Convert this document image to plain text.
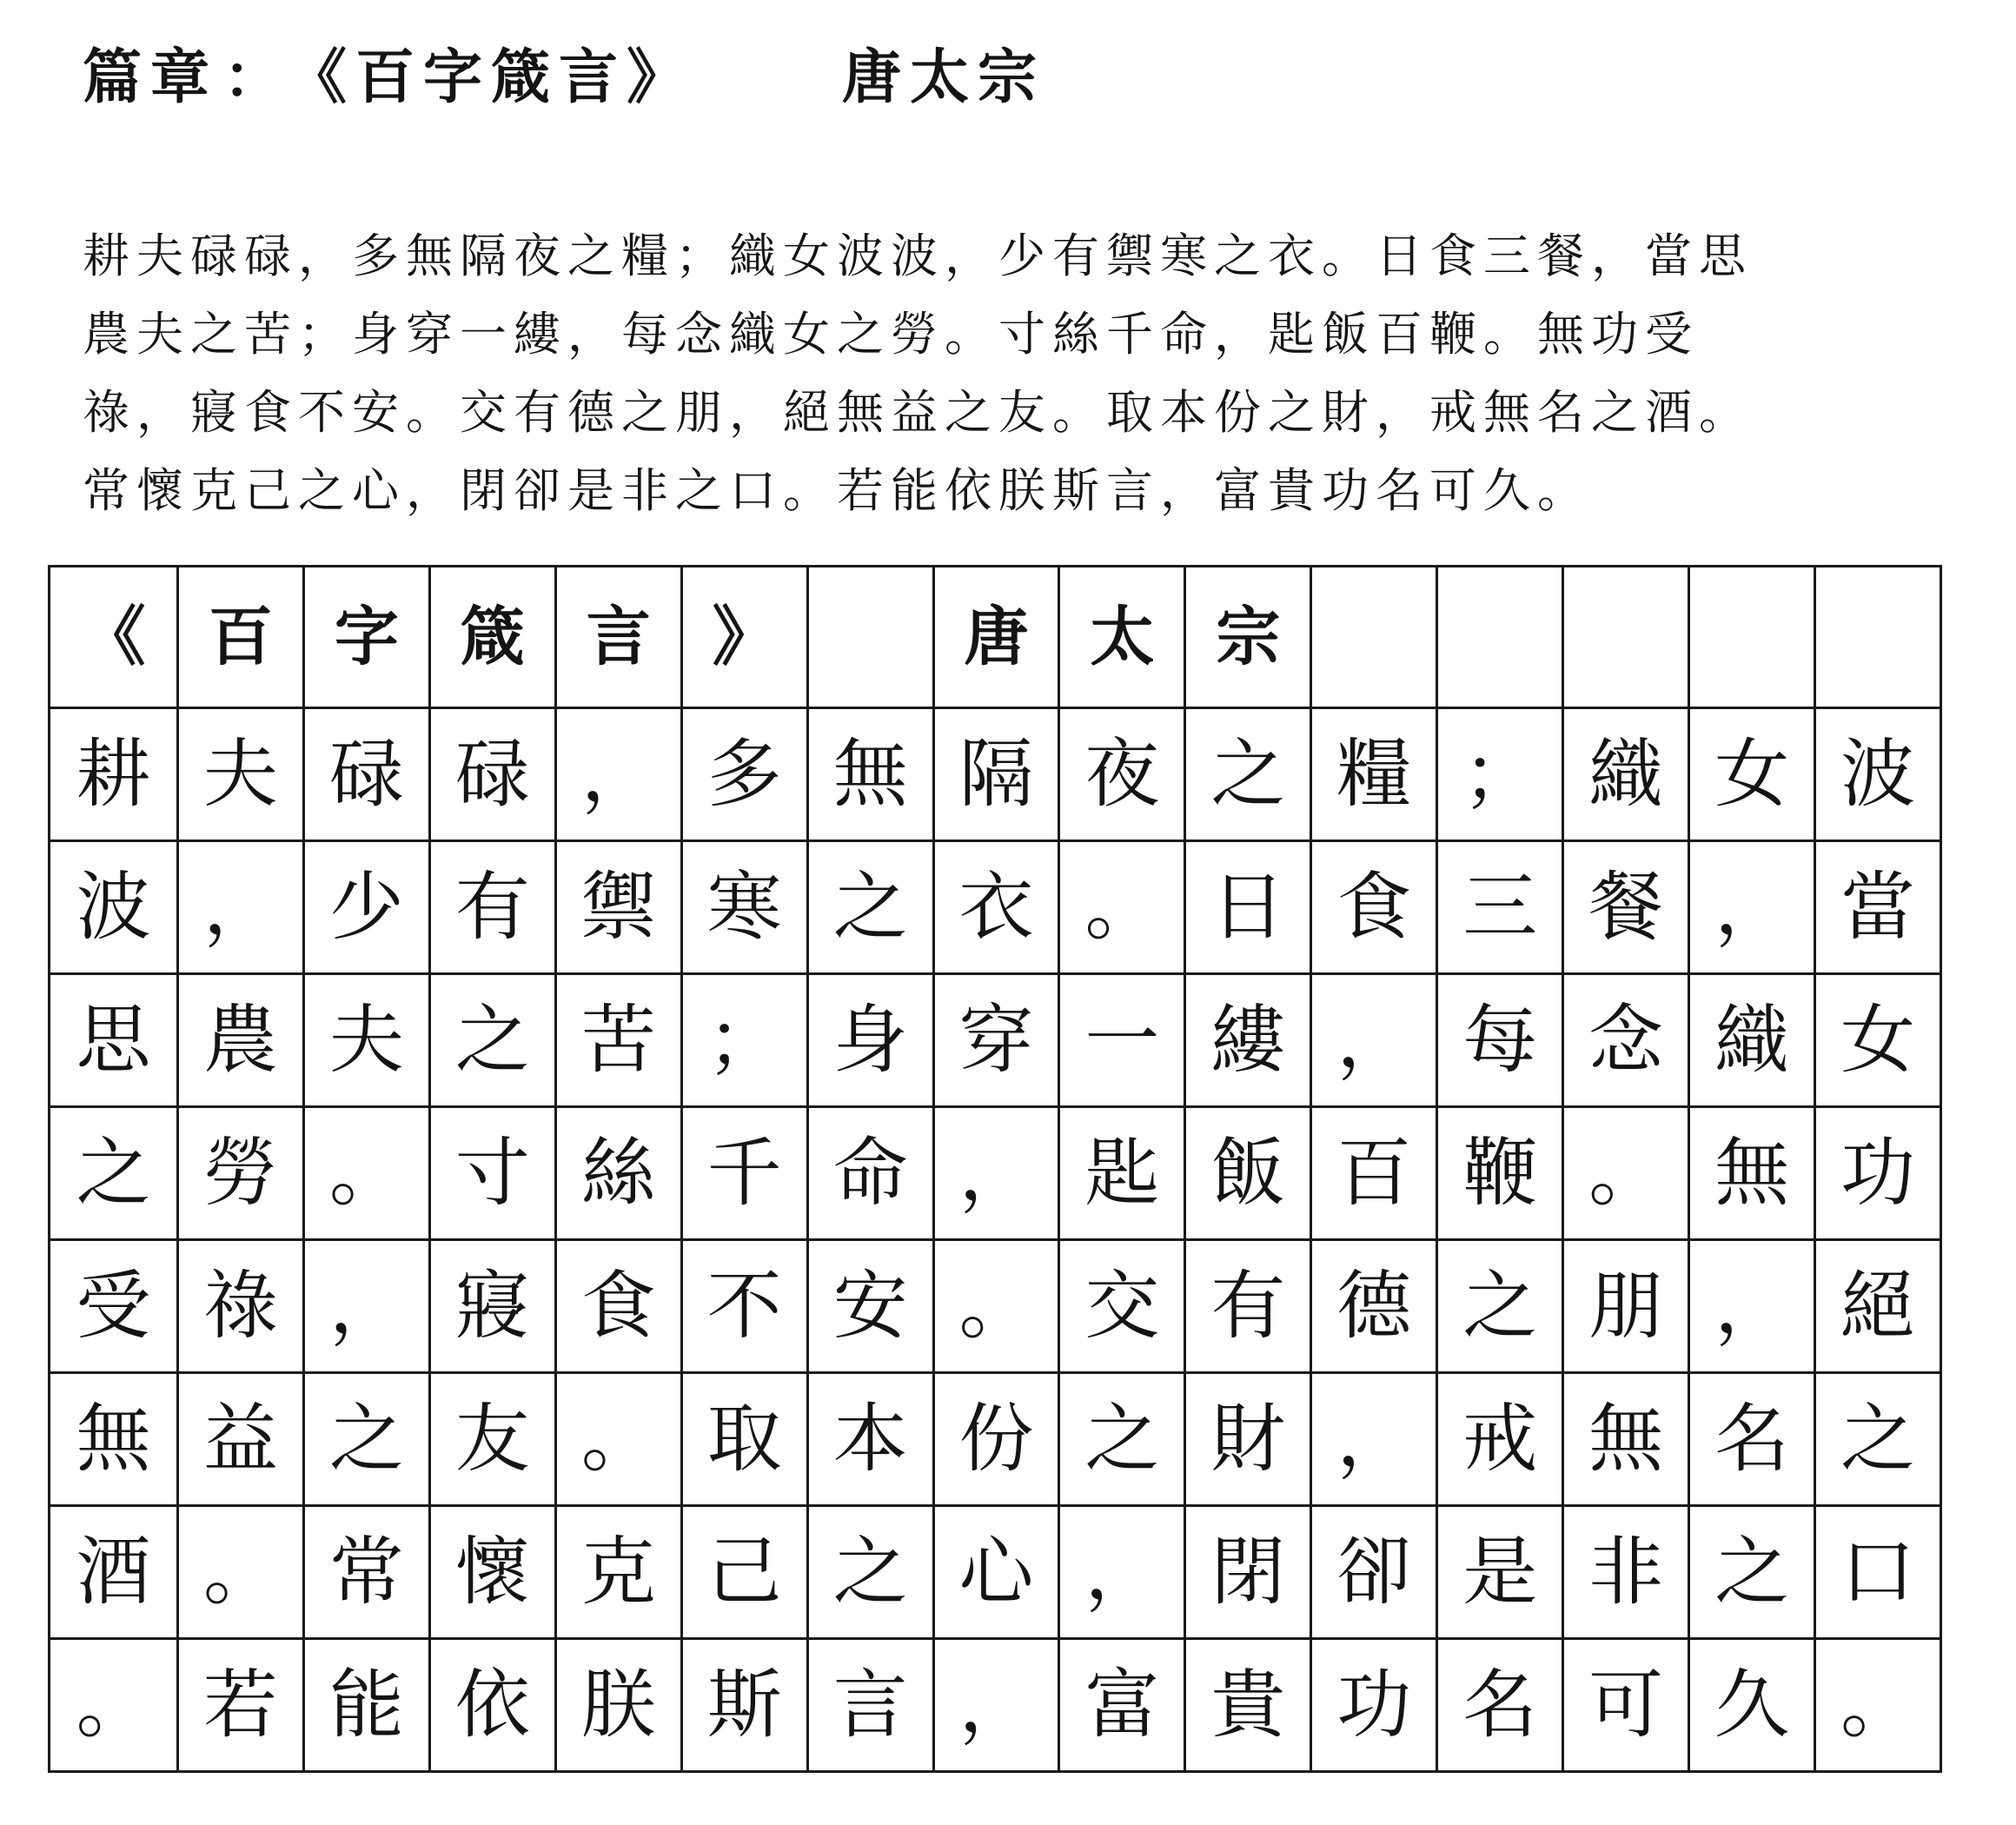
篇章 ： 《百字箴言》	唐太宗
耕夫碌碌，多無隔夜之糧；織女波波，少有禦寒之衣。日食三餐，當思
農夫之苦；身穿一縷，每念織女之勞。寸絲千命，匙飯百鞭。無功受
祿，寢食不安。交有德之朋，絕無益之友。取本份之財，戒無名之酒。
常懷克己之心，閉卻是非之口。若能依朕斯言，富貴功名可久。
《 百 字 箴 言 》	唐 太 宗
耕 夫 碌 碌 ， 多 無 隔 夜 之 糧 ； 織 女 波
波 ， 少 有 禦 寒 之 衣 。 日 食 三 餐 ， 當
思 農 夫 之 苦 ； 身 穿 一 縷 ， 每 念 織 女
之 勞 。 寸 絲 千 命 ， 匙 飯 百 鞭 。 無 功
受 祿 ， 寢 食 不 安 。 交 有 德 之 朋 ， 絕
無 益 之 友 。 取 本 份 之 財 ， 戒 無 名 之
酒 。 常 懷 克 己 之 心 ， 閉 卻 是 非 之 口
。 若 能 依 朕 斯 言 ， 富 貴 功 名 可 久 。
